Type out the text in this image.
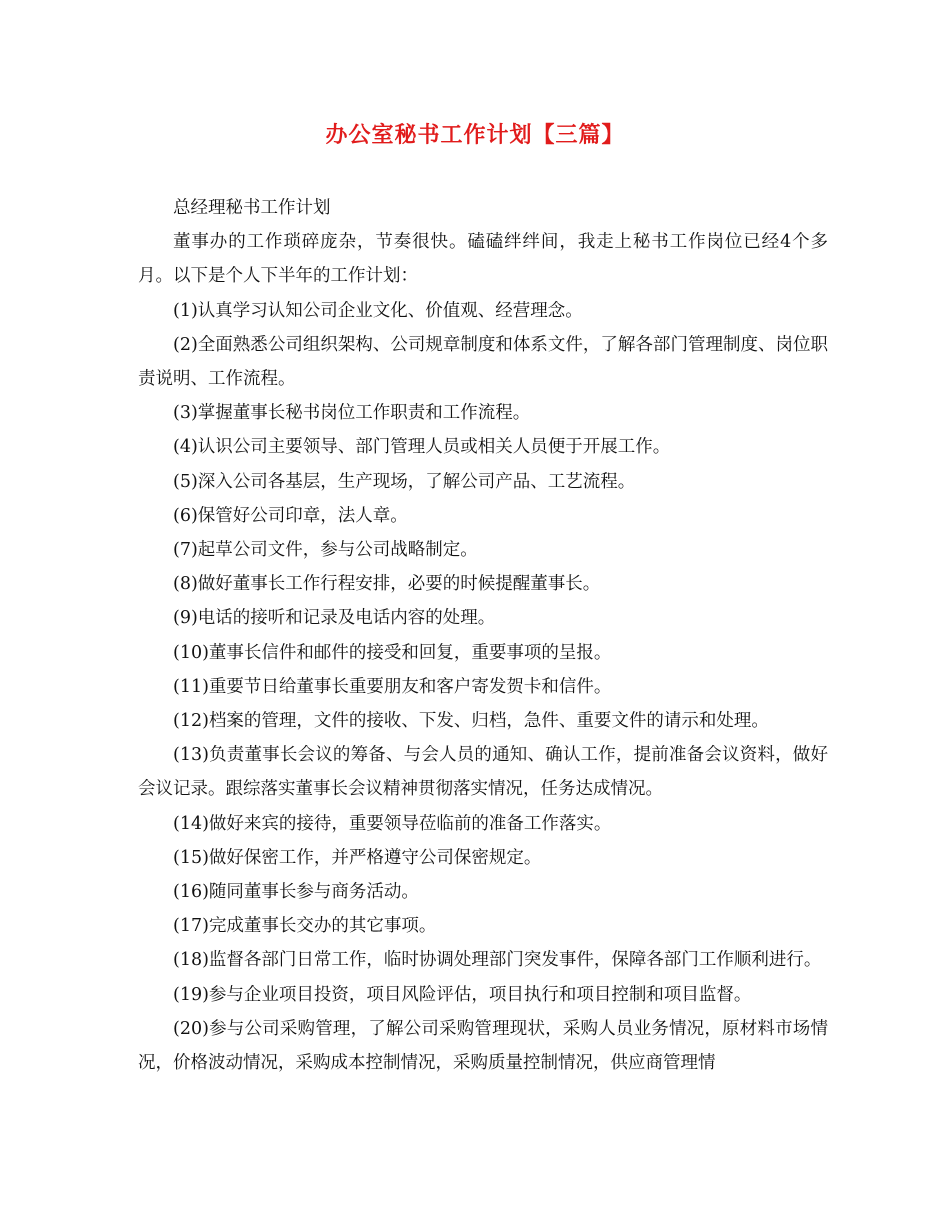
办公室秘书工作计划【三篇】

总经理秘书工作计划

董事办的工作琐碎庞杂，节奏很快。磕磕绊绊间，我走上秘书工作岗位已经4个多月。以下是个人下半年的工作计划：

(1)认真学习认知公司企业文化、价值观、经营理念。

(2)全面熟悉公司组织架构、公司规章制度和体系文件，了解各部门管理制度、岗位职责说明、工作流程。

(3)掌握董事长秘书岗位工作职责和工作流程。

(4)认识公司主要领导、部门管理人员或相关人员便于开展工作。

(5)深入公司各基层，生产现场，了解公司产品、工艺流程。

(6)保管好公司印章，法人章。

(7)起草公司文件，参与公司战略制定。

(8)做好董事长工作行程安排，必要的时候提醒董事长。

(9)电话的接听和记录及电话内容的处理。

(10)董事长信件和邮件的接受和回复，重要事项的呈报。

(11)重要节日给董事长重要朋友和客户寄发贺卡和信件。

(12)档案的管理，文件的接收、下发、归档，急件、重要文件的请示和处理。

(13)负责董事长会议的筹备、与会人员的通知、确认工作，提前准备会议资料，做好会议记录。跟综落实董事长会议精神贯彻落实情况，任务达成情况。

(14)做好来宾的接待，重要领导莅临前的准备工作落实。

(15)做好保密工作，并严格遵守公司保密规定。

(16)随同董事长参与商务活动。

(17)完成董事长交办的其它事项。

(18)监督各部门日常工作，临时协调处理部门突发事件，保障各部门工作顺利进行。

(19)参与企业项目投资，项目风险评估，项目执行和项目控制和项目监督。

(20)参与公司采购管理，了解公司采购管理现状，采购人员业务情况，原材料市场情况，价格波动情况，采购成本控制情况，采购质量控制情况，供应商管理情
